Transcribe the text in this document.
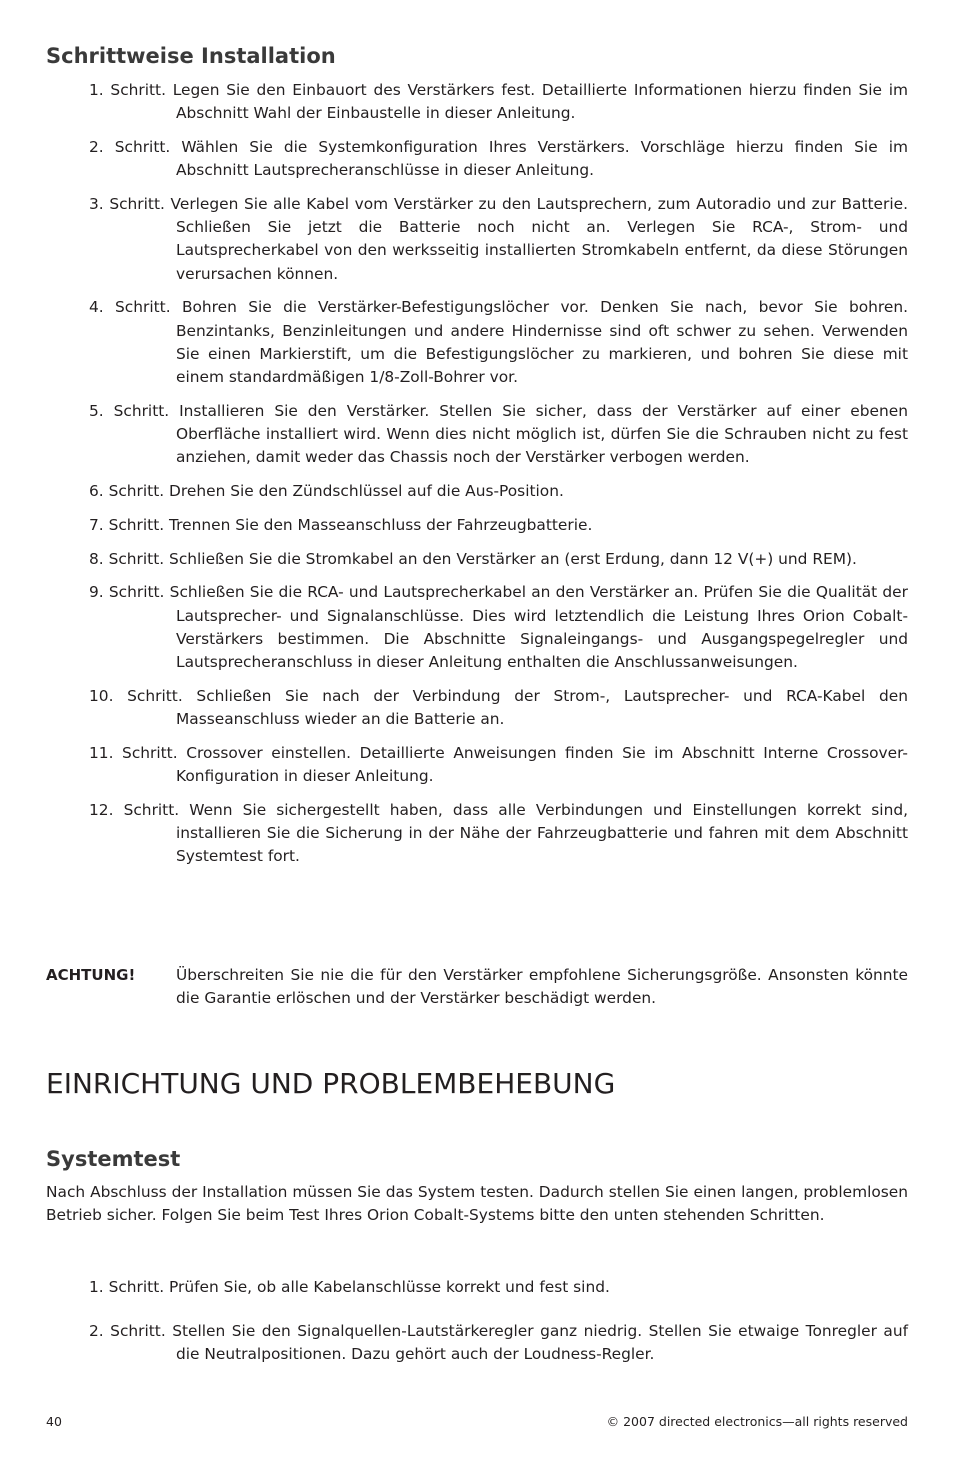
Schrittweise Installation
1. Schritt. Legen Sie den Einbauort des Verstärkers fest. Detaillierte Informationen hierzu finden Sie im Abschnitt Wahl der Einbaustelle in dieser Anleitung.
2. Schritt. Wählen Sie die Systemkonfiguration Ihres Verstärkers. Vorschläge hierzu finden Sie im Abschnitt Lautsprecheranschlüsse in dieser Anleitung.
3. Schritt. Verlegen Sie alle Kabel vom Verstärker zu den Lautsprechern, zum Autoradio und zur Batterie. Schließen Sie jetzt die Batterie noch nicht an. Verlegen Sie RCA-, Strom- und Lautsprecherkabel von den werksseitig installierten Stromkabeln entfernt, da diese Störungen verursachen können.
4. Schritt. Bohren Sie die Verstärker-Befestigungslöcher vor. Denken Sie nach, bevor Sie bohren. Benzintanks, Benzinleitungen und andere Hindernisse sind oft schwer zu sehen. Verwenden Sie einen Markierstift, um die Befestigungslöcher zu markieren, und bohren Sie diese mit einem standardmäßigen 1/8-Zoll-Bohrer vor.
5. Schritt. Installieren Sie den Verstärker. Stellen Sie sicher, dass der Verstärker auf einer ebenen Oberfläche installiert wird. Wenn dies nicht möglich ist, dürfen Sie die Schrauben nicht zu fest anziehen, damit weder das Chassis noch der Verstärker verbogen werden.
6. Schritt. Drehen Sie den Zündschlüssel auf die Aus-Position.
7. Schritt. Trennen Sie den Masseanschluss der Fahrzeugbatterie.
8. Schritt. Schließen Sie die Stromkabel an den Verstärker an (erst Erdung, dann 12 V(+) und REM).
9. Schritt. Schließen Sie die RCA- und Lautsprecherkabel an den Verstärker an. Prüfen Sie die Qualität der Lautsprecher- und Signalanschlüsse. Dies wird letztendlich die Leistung Ihres Orion Cobalt-Verstärkers bestimmen. Die Abschnitte Signaleingangs- und Ausgangspegelregler und Lautsprecheranschluss in dieser Anleitung enthalten die Anschlussanweisungen.
10. Schritt. Schließen Sie nach der Verbindung der Strom-, Lautsprecher- und RCA-Kabel den Masseanschluss wieder an die Batterie an.
11. Schritt. Crossover einstellen. Detaillierte Anweisungen finden Sie im Abschnitt Interne Crossover-Konfiguration in dieser Anleitung.
12. Schritt. Wenn Sie sichergestellt haben, dass alle Verbindungen und Einstellungen korrekt sind, installieren Sie die Sicherung in der Nähe der Fahrzeugbatterie und fahren mit dem Abschnitt Systemtest fort.
ACHTUNG!	Überschreiten Sie nie die für den Verstärker empfohlene Sicherungsgröße. Ansonsten könnte die Garantie erlöschen und der Verstärker beschädigt werden.
EINRICHTUNG UND PROBLEMBEHEBUNG
Systemtest

Nach Abschluss der Installation müssen Sie das System testen. Dadurch stellen Sie einen langen, problemlosen Betrieb sicher. Folgen Sie beim Test Ihres Orion Cobalt-Systems bitte den unten stehenden Schritten.

1. Schritt. Prüfen Sie, ob alle Kabelanschlüsse korrekt und fest sind.
2. Schritt. Stellen Sie den Signalquellen-Lautstärkeregler ganz niedrig. Stellen Sie etwaige Tonregler auf die Neutralpositionen. Dazu gehört auch der Loudness-Regler.
40	© 2007 directed electronics—all rights reserved
